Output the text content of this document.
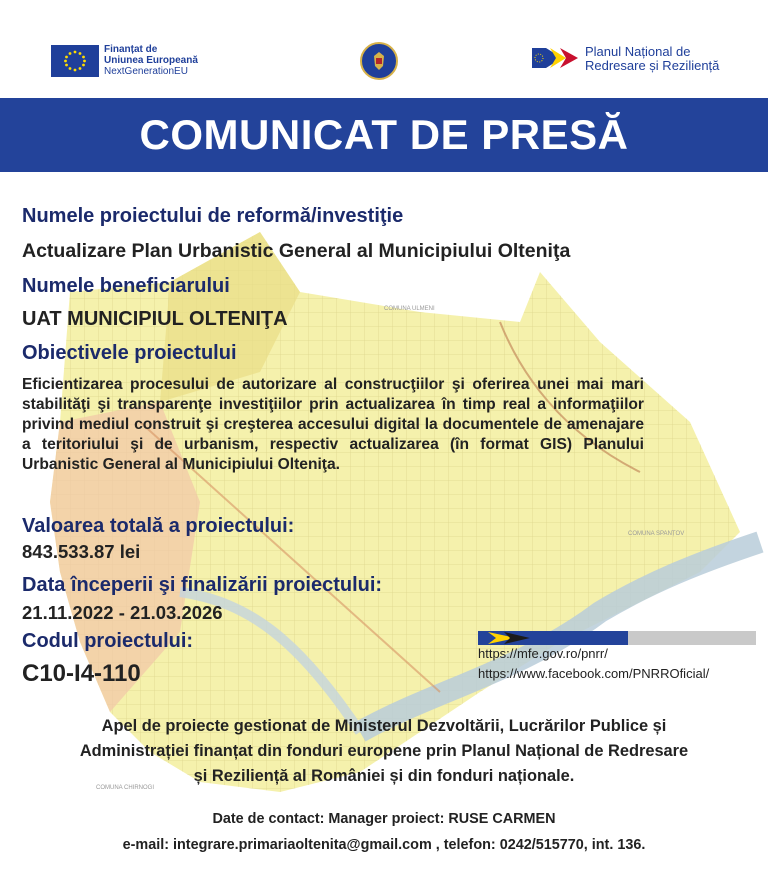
Finanțat de
Uniunea Europeană
NextGenerationEU
Planul Național de
Redresare și Reziliență
COMUNICAT DE PRESĂ
COMUNA ULMENI
COMUNA SPANȚOV
COMUNA CHIRNOGI
Numele proiectului de reformă/investiţie
Actualizare Plan Urbanistic General al Municipiului Olteniţa
Numele beneficiarului
UAT MUNICIPIUL OLTENIŢA
Obiectivele proiectului
Eficientizarea procesului de autorizare al construcţiilor şi oferirea unei mai mari stabilităţi şi transparenţe investiţiilor prin actualizarea în timp real a informaţiilor privind mediul construit şi creşterea accesului digital la documentele de amenajare a teritoriului şi de urbanism, respectiv actualizarea (în format GIS) Planului Urbanistic General al Municipiului Olteniţa.
Valoarea totală a proiectului:
843.533.87 lei
Data începerii şi finalizării proiectului:
21.11.2022 - 21.03.2026
Codul proiectului:
C10-I4-110
https://mfe.gov.ro/pnrr/
https://www.facebook.com/PNRROficial/
Apel de proiecte gestionat de Ministerul Dezvoltării, Lucrărilor Publice și
Administrației finanțat din fonduri europene prin Planul Național de Redresare
și Reziliență al României și din fonduri naționale.
Date de contact: Manager proiect: RUSE CARMEN
e-mail: integrare.primariaoltenita@gmail.com , telefon: 0242/515770, int. 136.
